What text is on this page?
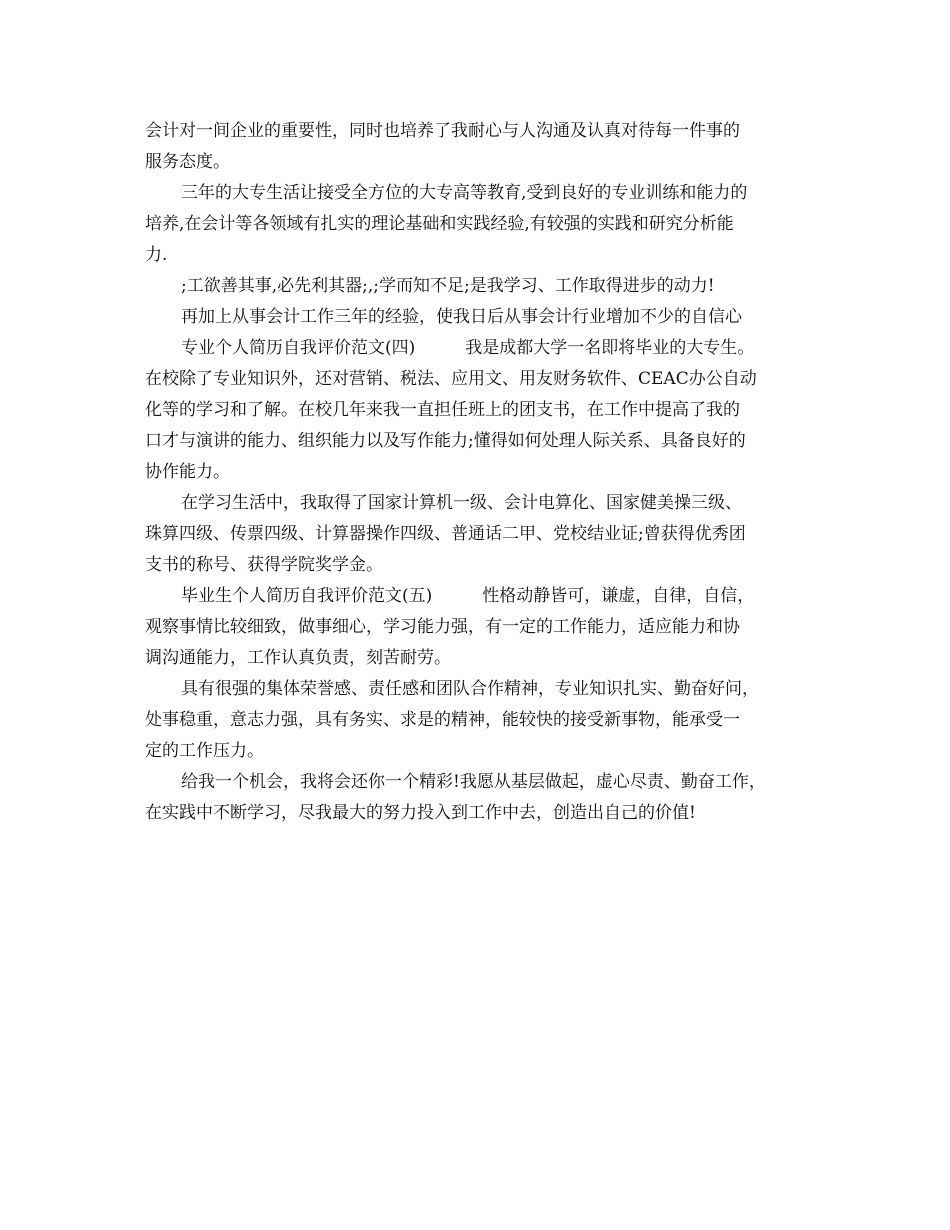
会计对一间企业的重要性，同时也培养了我耐心与人沟通及认真对待每一件事的
服务态度。
三年的大专生活让接受全方位的大专高等教育,受到良好的专业训练和能力的
培养,在会计等各领域有扎实的理论基础和实践经验,有较强的实践和研究分析能
力.
;工欲善其事,必先利其器;,;学而知不足;是我学习、工作取得进步的动力!
再加上从事会计工作三年的经验，使我日后从事会计行业增加不少的自信心
专业个人简历自我评价范文(四)	我是成都大学一名即将毕业的大专生。
在校除了专业知识外，还对营销、税法、应用文、用友财务软件、CEAC办公自动
化等的学习和了解。在校几年来我一直担任班上的团支书，在工作中提高了我的
口才与演讲的能力、组织能力以及写作能力;懂得如何处理人际关系、具备良好的
协作能力。
在学习生活中，我取得了国家计算机一级、会计电算化、国家健美操三级、
珠算四级、传票四级、计算器操作四级、普通话二甲、党校结业证;曾获得优秀团
支书的称号、获得学院奖学金。
毕业生个人简历自我评价范文(五)	性格动静皆可，谦虚，自律，自信，
观察事情比较细致，做事细心，学习能力强，有一定的工作能力，适应能力和协
调沟通能力，工作认真负责，刻苦耐劳。
具有很强的集体荣誉感、责任感和团队合作精神，专业知识扎实、勤奋好问，
处事稳重，意志力强，具有务实、求是的精神，能较快的接受新事物，能承受一
定的工作压力。
给我一个机会，我将会还你一个精彩!我愿从基层做起，虚心尽责、勤奋工作，
在实践中不断学习，尽我最大的努力投入到工作中去，创造出自己的价值!
